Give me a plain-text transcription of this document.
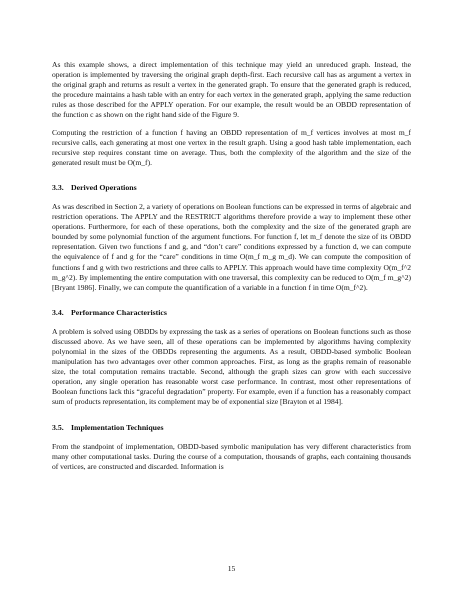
As this example shows, a direct implementation of this technique may yield an unreduced graph. Instead, the operation is implemented by traversing the original graph depth-first. Each recursive call has as argument a vertex in the original graph and returns as result a vertex in the generated graph. To ensure that the generated graph is reduced, the procedure maintains a hash table with an entry for each vertex in the generated graph, applying the same reduction rules as those described for the APPLY operation. For our example, the result would be an OBDD representation of the function c as shown on the right hand side of the Figure 9.

Computing the restriction of a function f having an OBDD representation of m_f vertices involves at most m_f recursive calls, each generating at most one vertex in the result graph. Using a good hash table implementation, each recursive step requires constant time on average. Thus, both the complexity of the algorithm and the size of the generated result must be O(m_f).

3.3. Derived Operations

As was described in Section 2, a variety of operations on Boolean functions can be expressed in terms of algebraic and restriction operations. The APPLY and the RESTRICT algorithms therefore provide a way to implement these other operations. Furthermore, for each of these operations, both the complexity and the size of the generated graph are bounded by some polynomial function of the argument functions. For function f, let m_f denote the size of its OBDD representation. Given two functions f and g, and “don’t care” conditions expressed by a function d, we can compute the equivalence of f and g for the “care” conditions in time O(m_f m_g m_d). We can compute the composition of functions f and g with two restrictions and three calls to APPLY. This approach would have time complexity O(m_f^2 m_g^2). By implementing the entire computation with one traversal, this complexity can be reduced to O(m_f m_g^2) [Bryant 1986]. Finally, we can compute the quantification of a variable in a function f in time O(m_f^2).

3.4. Performance Characteristics

A problem is solved using OBDDs by expressing the task as a series of operations on Boolean functions such as those discussed above. As we have seen, all of these operations can be implemented by algorithms having complexity polynomial in the sizes of the OBDDs representing the arguments. As a result, OBDD-based symbolic Boolean manipulation has two advantages over other common approaches. First, as long as the graphs remain of reasonable size, the total computation remains tractable. Second, although the graph sizes can grow with each successive operation, any single operation has reasonable worst case performance. In contrast, most other representations of Boolean functions lack this “graceful degradation” property. For example, even if a function has a reasonably compact sum of products representation, its complement may be of exponential size [Brayton et al 1984].

3.5. Implementation Techniques

From the standpoint of implementation, OBDD-based symbolic manipulation has very different characteristics from many other computational tasks. During the course of a computation, thousands of graphs, each containing thousands of vertices, are constructed and discarded. Information is

15
